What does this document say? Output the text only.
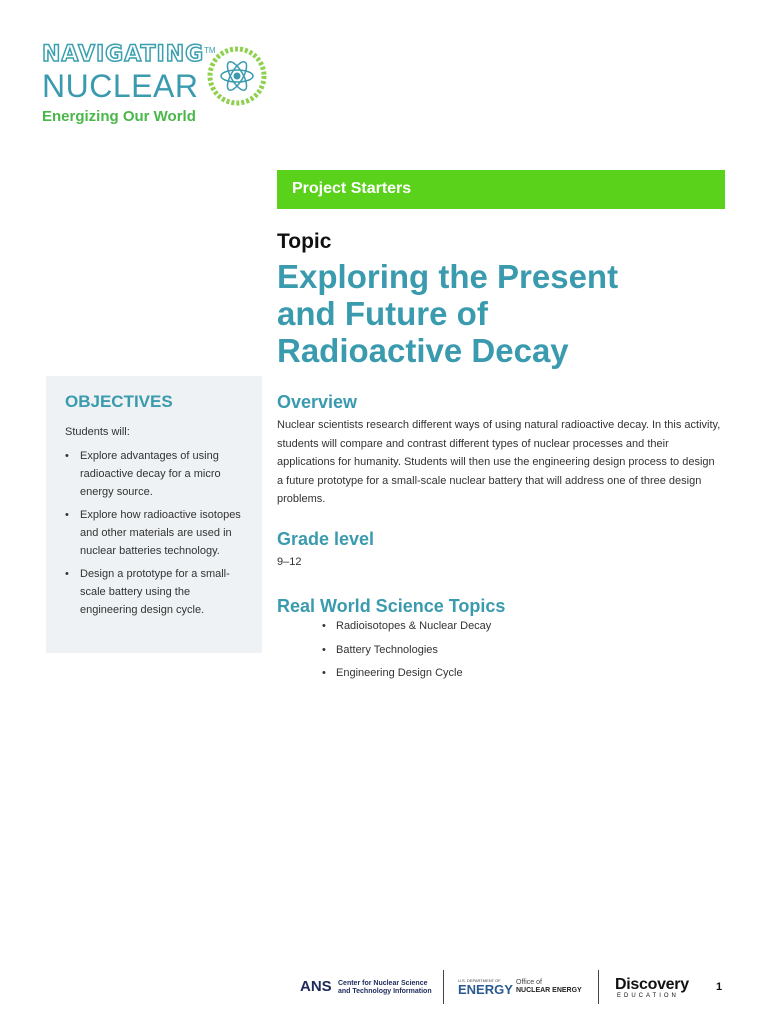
NAVIGATING TM
NUCLEAR
Energizing Our World
Project Starters
Topic
Exploring the Present
and Future of
Radioactive Decay
OBJECTIVES

Students will:

• Explore advantages of using radioactive decay for a micro energy source.
• Explore how radioactive isotopes and other materials are used in nuclear batteries technology.
• Design a prototype for a small-scale battery using the engineering design cycle.
Overview

Nuclear scientists research different ways of using natural radioactive decay. In this activity, students will compare and contrast different types of nuclear processes and their applications for humanity. Students will then use the engineering design process to design a future prototype for a small-scale nuclear battery that will address one of three design problems.

Grade level
9–12
Real World Science Topics
• Radioisotopes & Nuclear Decay
• Battery Technologies
• Engineering Design Cycle
ANS Center for Nuclear Science and Technology Information
U.S. DEPARTMENT OF
ENERGY Office of
NUCLEAR ENERGY Discovery
EDUCATION
1
